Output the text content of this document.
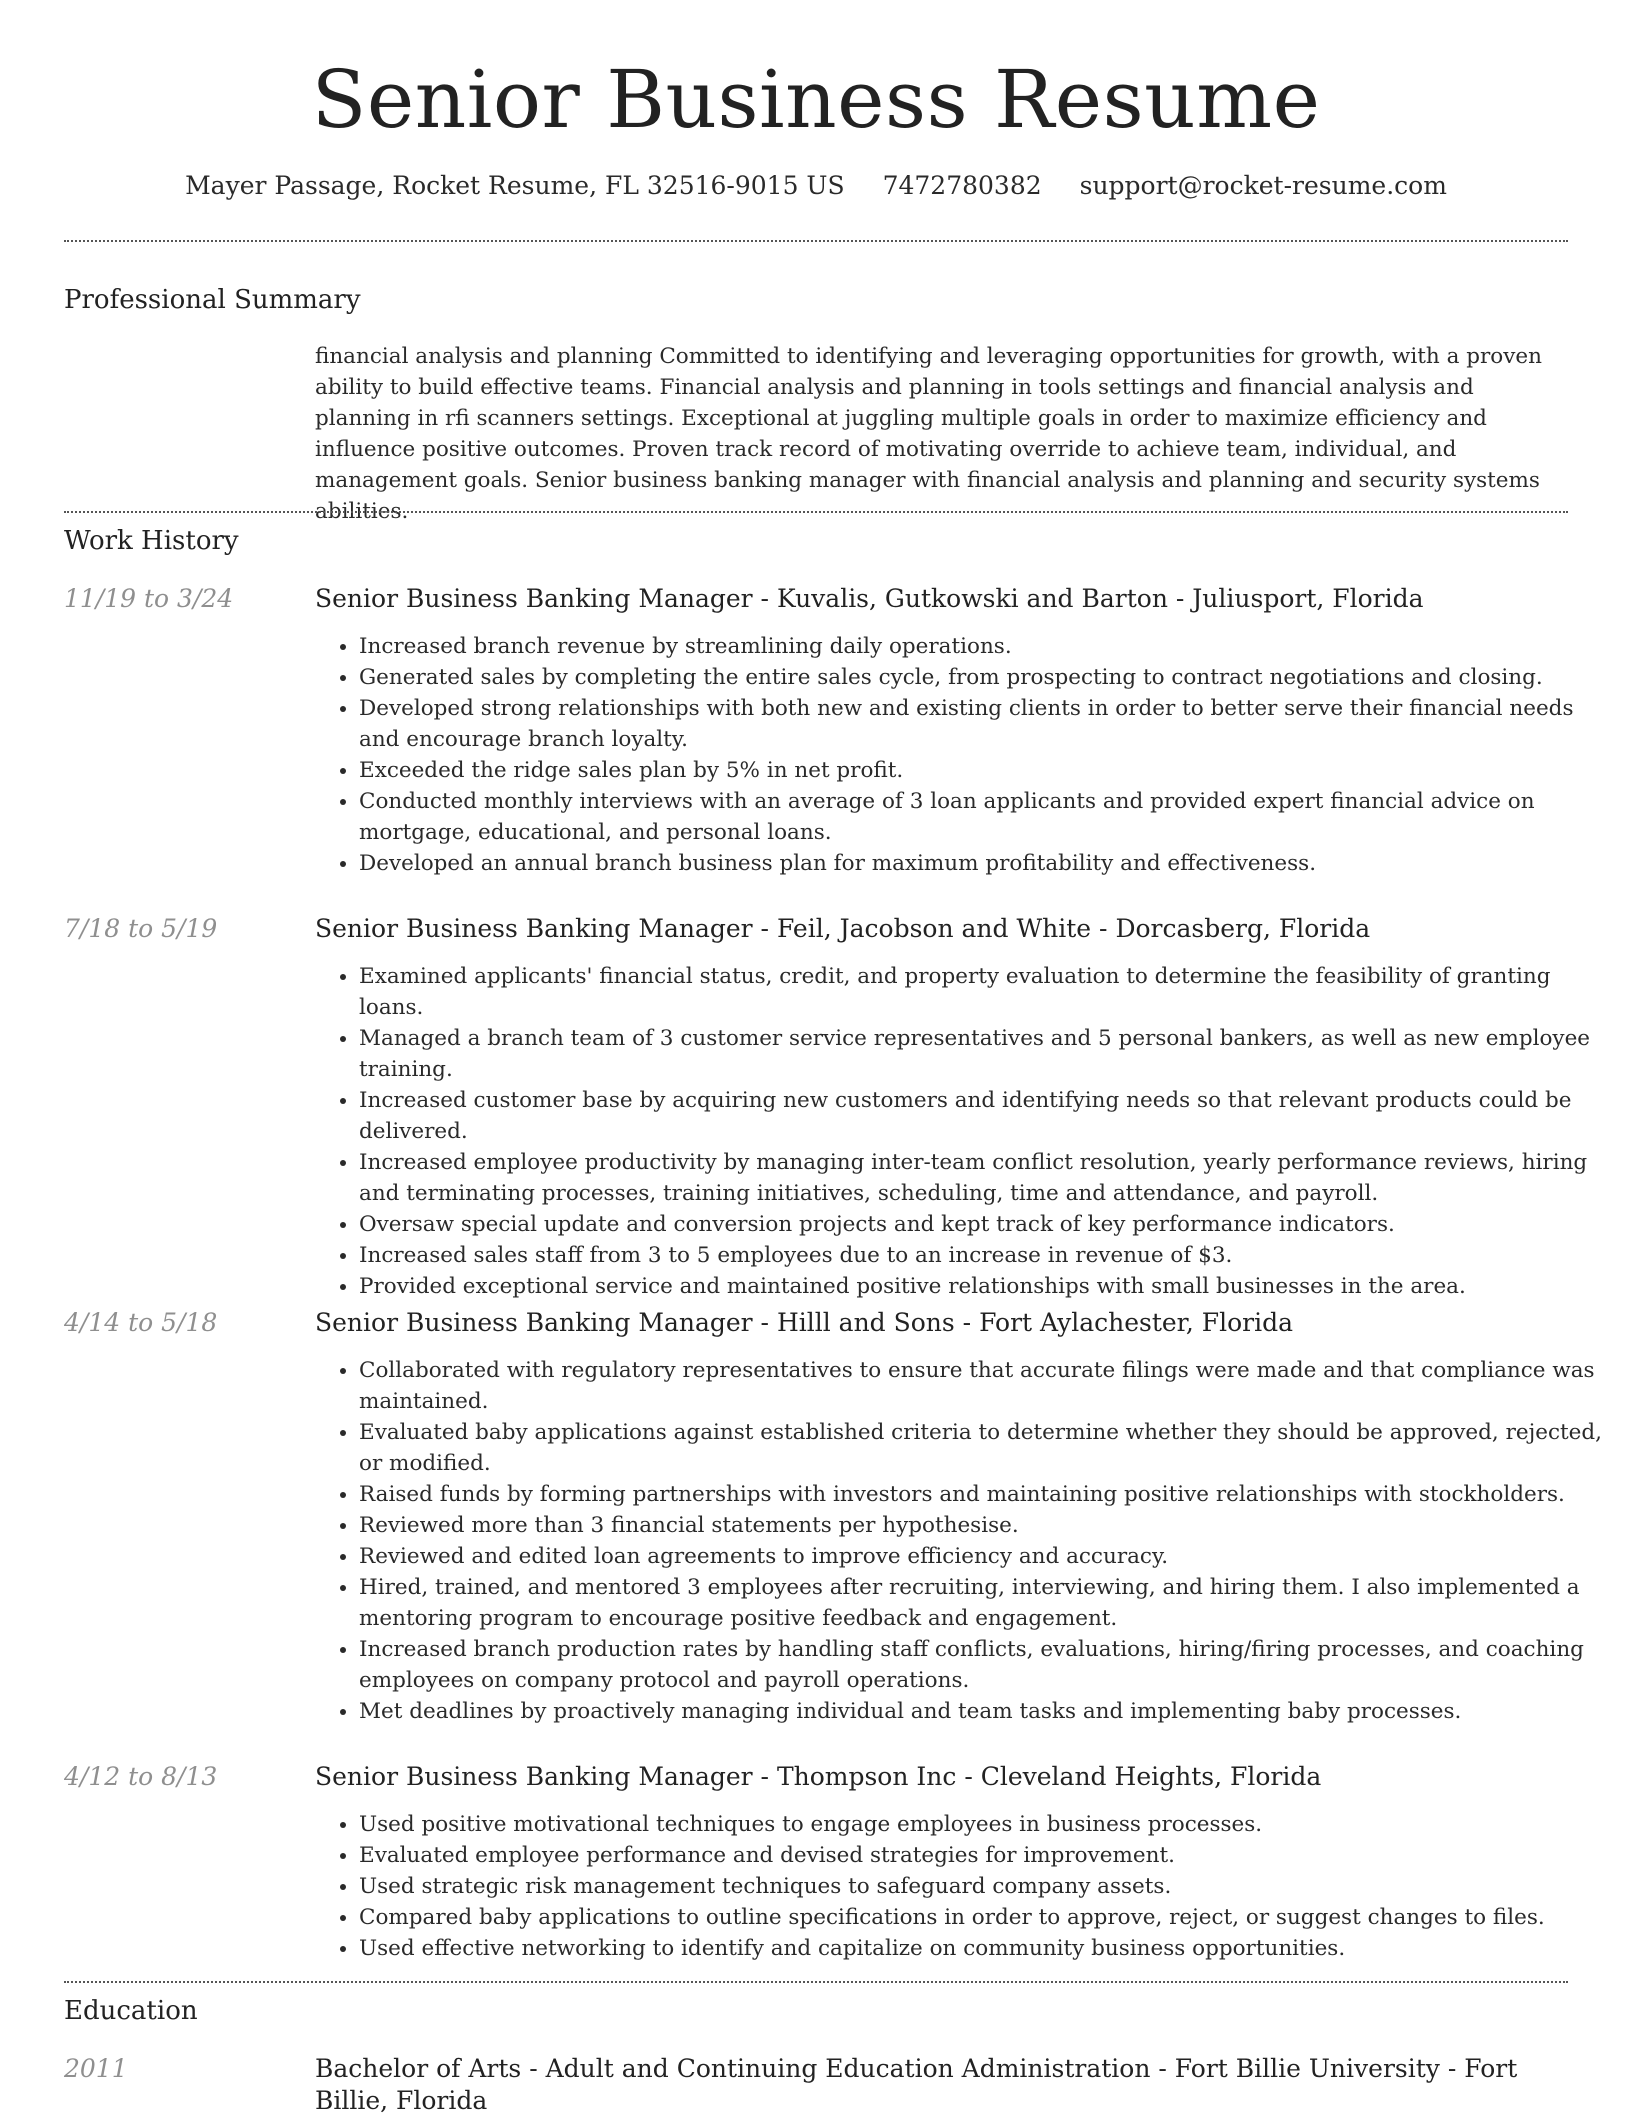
Senior Business Resume
Mayer Passage, Rocket Resume, FL 32516-9015 US 7472780382 support@rocket-resume.com
Professional Summary

financial analysis and planning Committed to identifying and leveraging opportunities for growth, with a proven ability to build effective teams. Financial analysis and planning in tools settings and financial analysis and planning in rfi scanners settings. Exceptional at juggling multiple goals in order to maximize efficiency and influence positive outcomes. Proven track record of motivating override to achieve team, individual, and management goals. Senior business banking manager with financial analysis and planning and security systems abilities.

Work History
11/19 to 3/24	Senior Business Banking Manager - Kuvalis, Gutkowski and Barton - Juliusport, Florida
• Increased branch revenue by streamlining daily operations.
• Generated sales by completing the entire sales cycle, from prospecting to contract negotiations and closing.
• Developed strong relationships with both new and existing clients in order to better serve their financial needs and encourage branch loyalty.
• Exceeded the ridge sales plan by 5% in net profit.
• Conducted monthly interviews with an average of 3 loan applicants and provided expert financial advice on mortgage, educational, and personal loans.
• Developed an annual branch business plan for maximum profitability and effectiveness.
7/18 to 5/19	Senior Business Banking Manager - Feil, Jacobson and White - Dorcasberg, Florida
• Examined applicants' financial status, credit, and property evaluation to determine the feasibility of granting loans.
• Managed a branch team of 3 customer service representatives and 5 personal bankers, as well as new employee training.
• Increased customer base by acquiring new customers and identifying needs so that relevant products could be delivered.
• Increased employee productivity by managing inter-team conflict resolution, yearly performance reviews, hiring and terminating processes, training initiatives, scheduling, time and attendance, and payroll.
• Oversaw special update and conversion projects and kept track of key performance indicators.
• Increased sales staff from 3 to 5 employees due to an increase in revenue of $3.
• Provided exceptional service and maintained positive relationships with small businesses in the area.
4/14 to 5/18	Senior Business Banking Manager - Hilll and Sons - Fort Aylachester, Florida
• Collaborated with regulatory representatives to ensure that accurate filings were made and that compliance was maintained.
• Evaluated baby applications against established criteria to determine whether they should be approved, rejected, or modified.
• Raised funds by forming partnerships with investors and maintaining positive relationships with stockholders.
• Reviewed more than 3 financial statements per hypothesise.
• Reviewed and edited loan agreements to improve efficiency and accuracy.
• Hired, trained, and mentored 3 employees after recruiting, interviewing, and hiring them. I also implemented a mentoring program to encourage positive feedback and engagement.
• Increased branch production rates by handling staff conflicts, evaluations, hiring/firing processes, and coaching employees on company protocol and payroll operations.
• Met deadlines by proactively managing individual and team tasks and implementing baby processes.
4/12 to 8/13	Senior Business Banking Manager - Thompson Inc - Cleveland Heights, Florida
• Used positive motivational techniques to engage employees in business processes.
• Evaluated employee performance and devised strategies for improvement.
• Used strategic risk management techniques to safeguard company assets.
• Compared baby applications to outline specifications in order to approve, reject, or suggest changes to files.
• Used effective networking to identify and capitalize on community business opportunities.
Education
2011	Bachelor of Arts - Adult and Continuing Education Administration - Fort Billie University - Fort Billie, Florida
